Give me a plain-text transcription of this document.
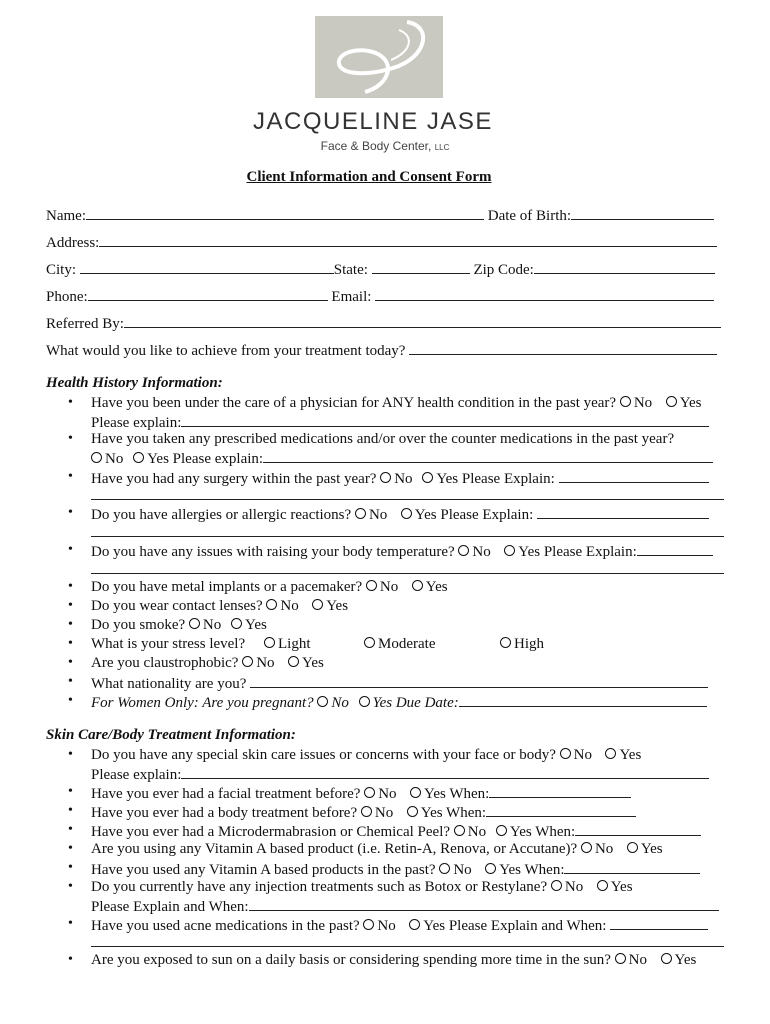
JACQUELINE JASE
Face & Body Center, LLC
Client Information and Consent Form
Name:	Date of Birth:
Address:
City:	State:	Zip Code:
Phone:	Email:
Referred By:
What would you like to achieve from your treatment today?
Health History Information:
• Have you been under the care of a physician for ANY health condition in the past year? No Yes
Please explain:
• Have you taken any prescribed medications and/or over the counter medications in the past year?
No Yes Please explain:
• Have you had any surgery within the past year? No Yes Please Explain:
• Do you have allergies or allergic reactions? No Yes Please Explain:
• Do you have any issues with raising your body temperature? No Yes Please Explain:
• Do you have metal implants or a pacemaker? No Yes
• Do you wear contact lenses? No Yes
• Do you smoke? No Yes
• What is your stress level?	Light	Moderate	High
• Are you claustrophobic? No Yes
• What nationality are you?
• For Women Only: Are you pregnant? No Yes Due Date:
Skin Care/Body Treatment Information:
• Do you have any special skin care issues or concerns with your face or body? No Yes
Please explain:
• Have you ever had a facial treatment before? No Yes When:
• Have you ever had a body treatment before? No Yes When:
• Have you ever had a Microdermabrasion or Chemical Peel? No Yes When:
• Are you using any Vitamin A based product (i.e. Retin-A, Renova, or Accutane)? No Yes
• Have you used any Vitamin A based products in the past? No Yes When:
• Do you currently have any injection treatments such as Botox or Restylane? No Yes
Please Explain and When:
• Have you used acne medications in the past? No Yes Please Explain and When:
• Are you exposed to sun on a daily basis or considering spending more time in the sun? No Yes
